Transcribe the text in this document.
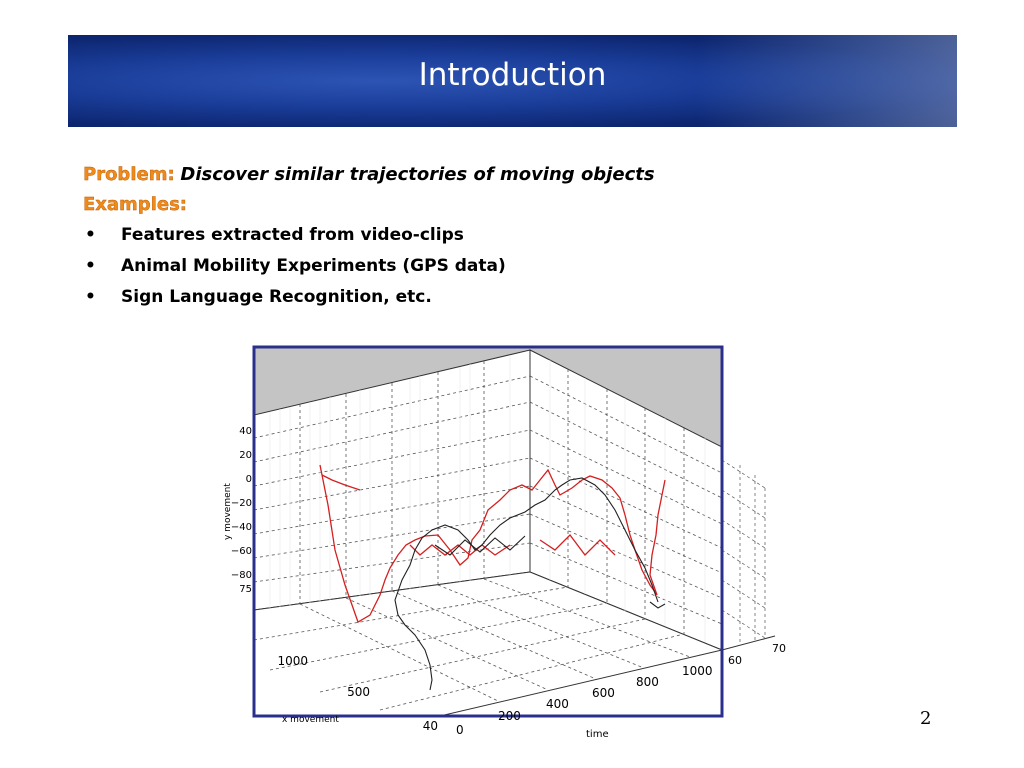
Introduction
Problem: Discover similar trajectories of moving objects
Examples:
• Features extracted from video-clips
• Animal Mobility Experiments (GPS data)
• Sign Language Recognition, etc.
40
20
0
−20
−40
−60
−80
75
y movement
1000
500
40
x movement
0
200
400
600
800
1000
time
60
70
2
